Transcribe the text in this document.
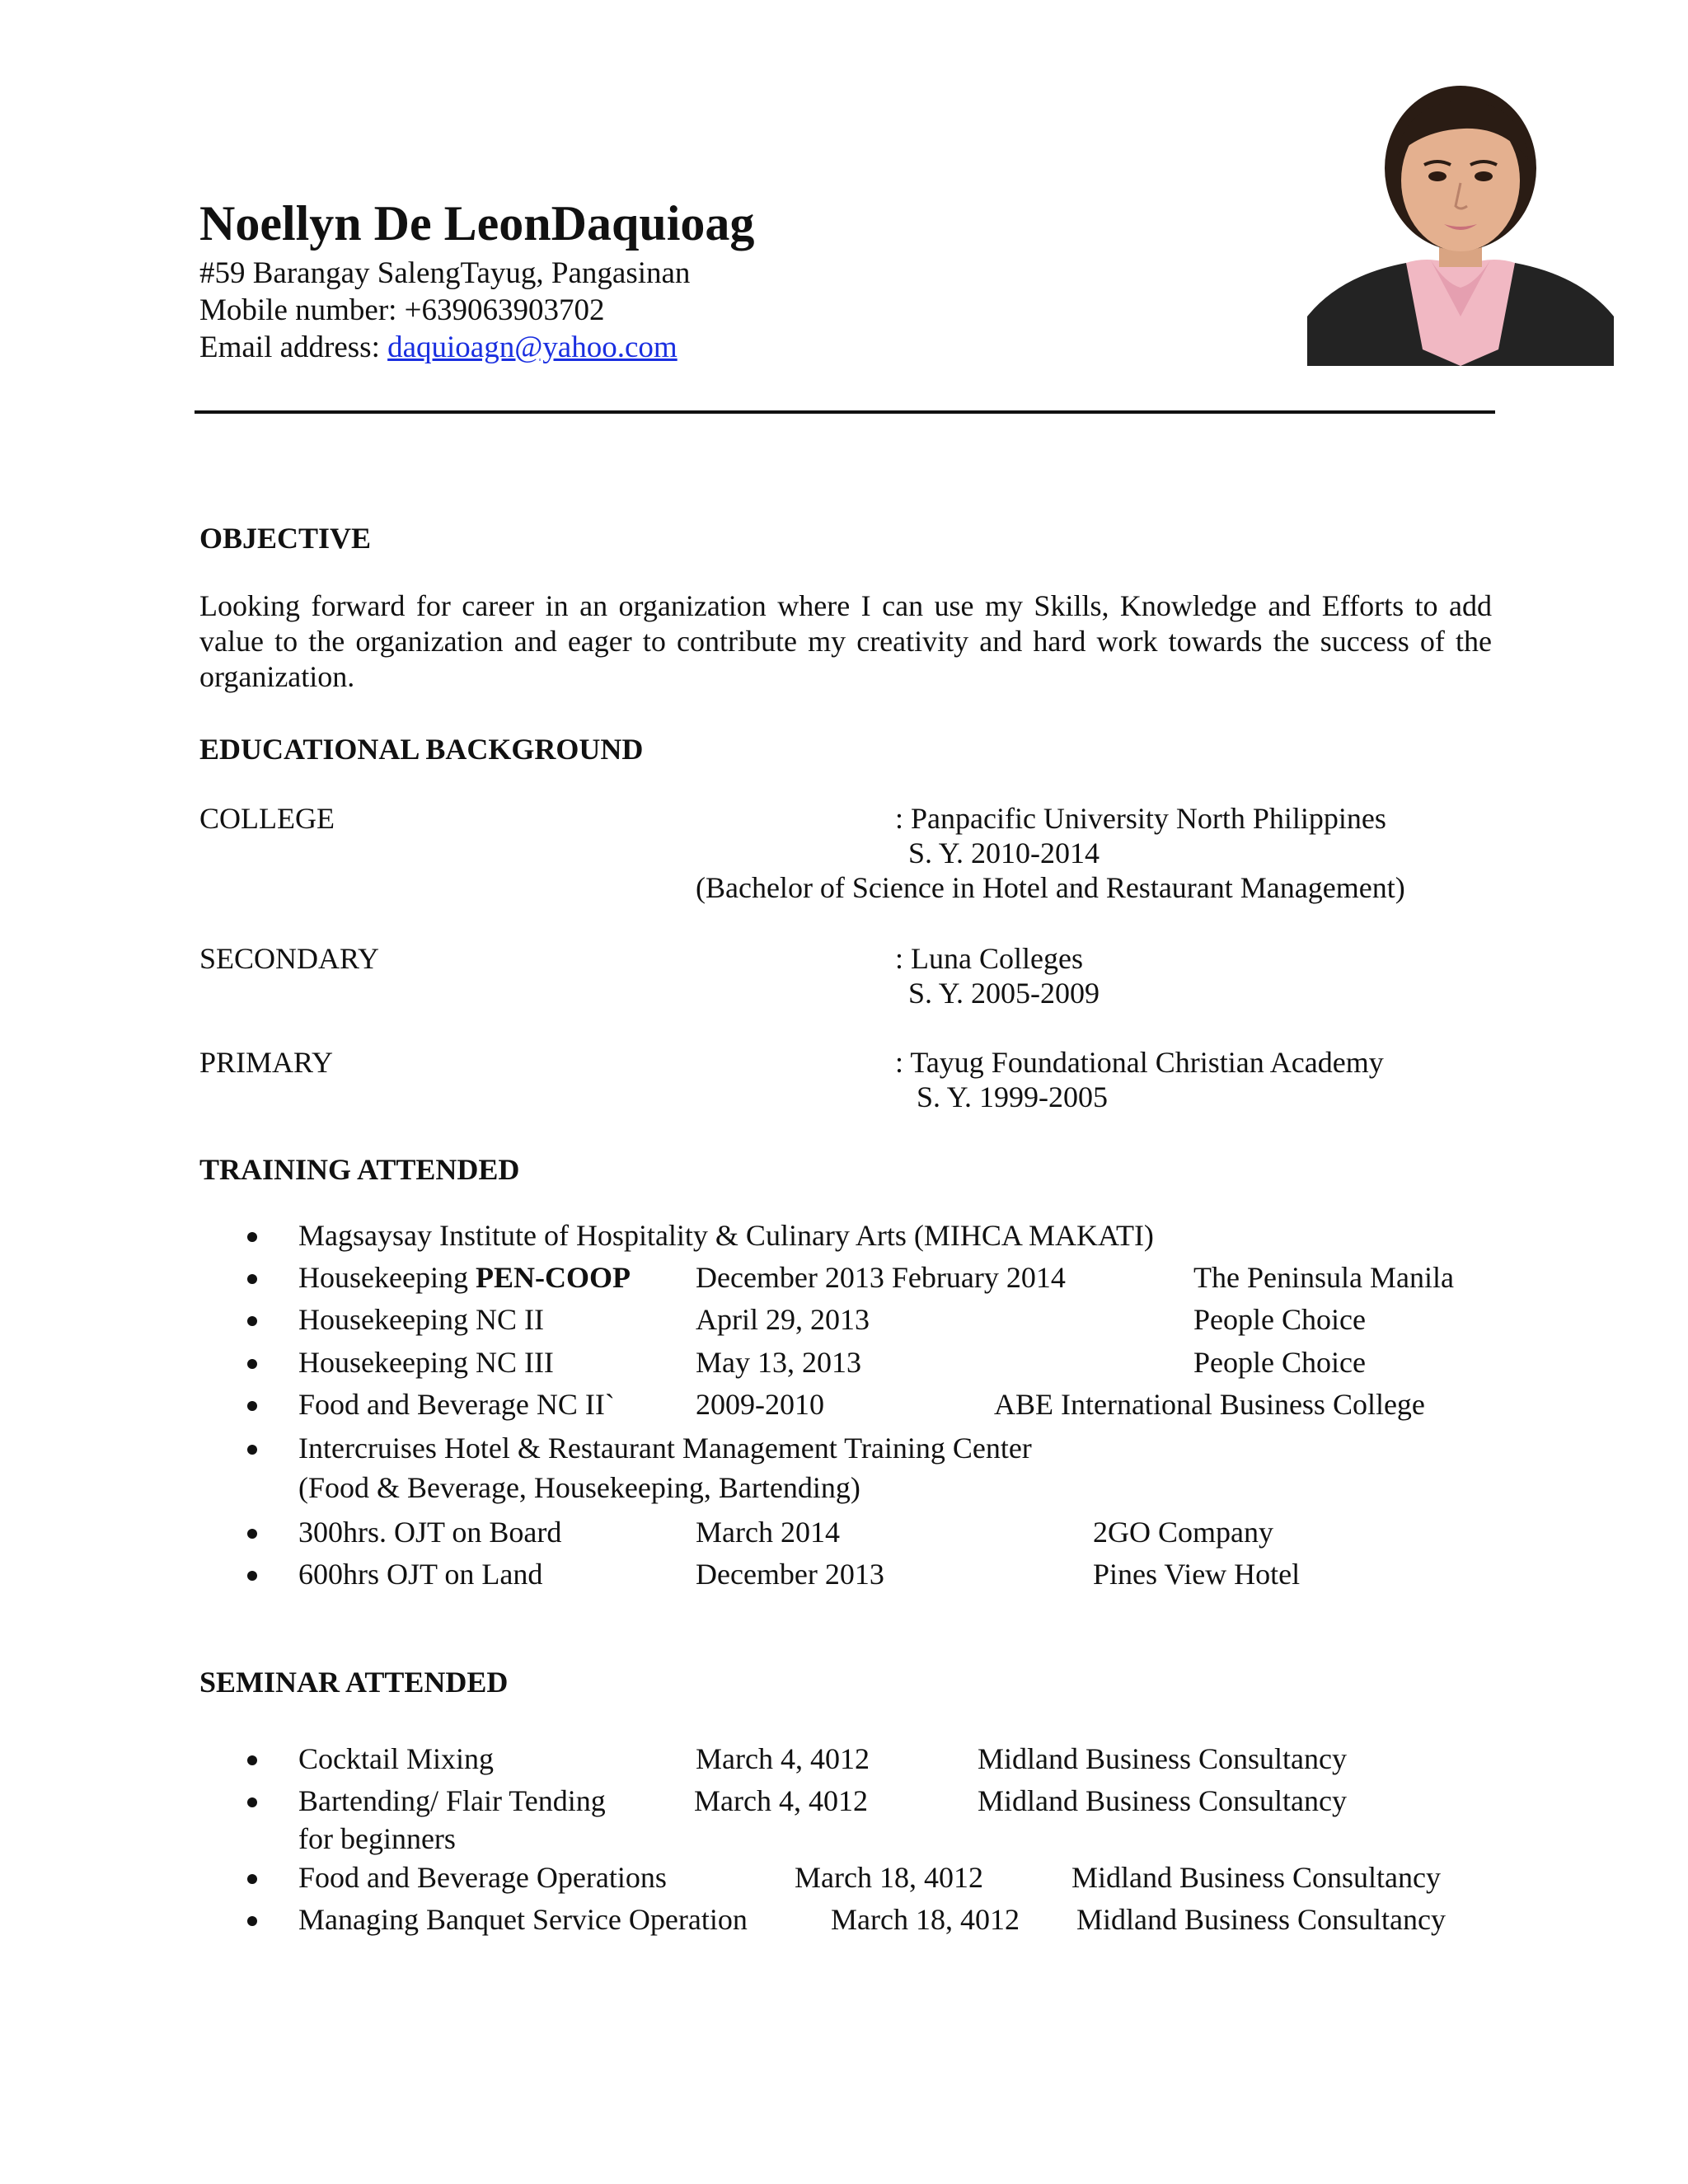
Noellyn De LeonDaquioag
#59 Barangay SalengTayug, Pangasinan
Mobile number: +639063903702
Email address: daquioagn@yahoo.com
OBJECTIVE
Looking forward for career in an organization where I can use my Skills, Knowledge and Efforts to add value to the organization and eager to contribute my creativity and hard work towards the success of the organization.
EDUCATIONAL BACKGROUND
COLLEGE	: Panpacific University North Philippines
S. Y. 2010-2014
(Bachelor of Science in Hotel and Restaurant Management)
SECONDARY	: Luna Colleges
S. Y. 2005-2009
PRIMARY	: Tayug Foundational Christian Academy
S. Y. 1999-2005
TRAINING ATTENDED
Magsaysay Institute of Hospitality & Culinary Arts (MIHCA MAKATI)
Housekeeping PEN-COOP December 2013 February 2014	The Peninsula Manila
Housekeeping NC II	April 29, 2013	People Choice
Housekeeping NC III	May 13, 2013	People Choice
Food and Beverage NC II`	2009-2010	ABE International Business College
Intercruises Hotel & Restaurant Management Training Center
(Food & Beverage, Housekeeping, Bartending)
300hrs. OJT on Board	March 2014	2GO Company
600hrs OJT on Land	December 2013	Pines View Hotel
SEMINAR ATTENDED
Cocktail Mixing	March 4, 4012	Midland Business Consultancy
Bartending/ Flair Tending
for beginners
March 4, 4012	Midland Business Consultancy
Food and Beverage Operations	March 18, 4012	Midland Business Consultancy
Managing Banquet Service Operation	March 18, 4012 Midland Business Consultancy
